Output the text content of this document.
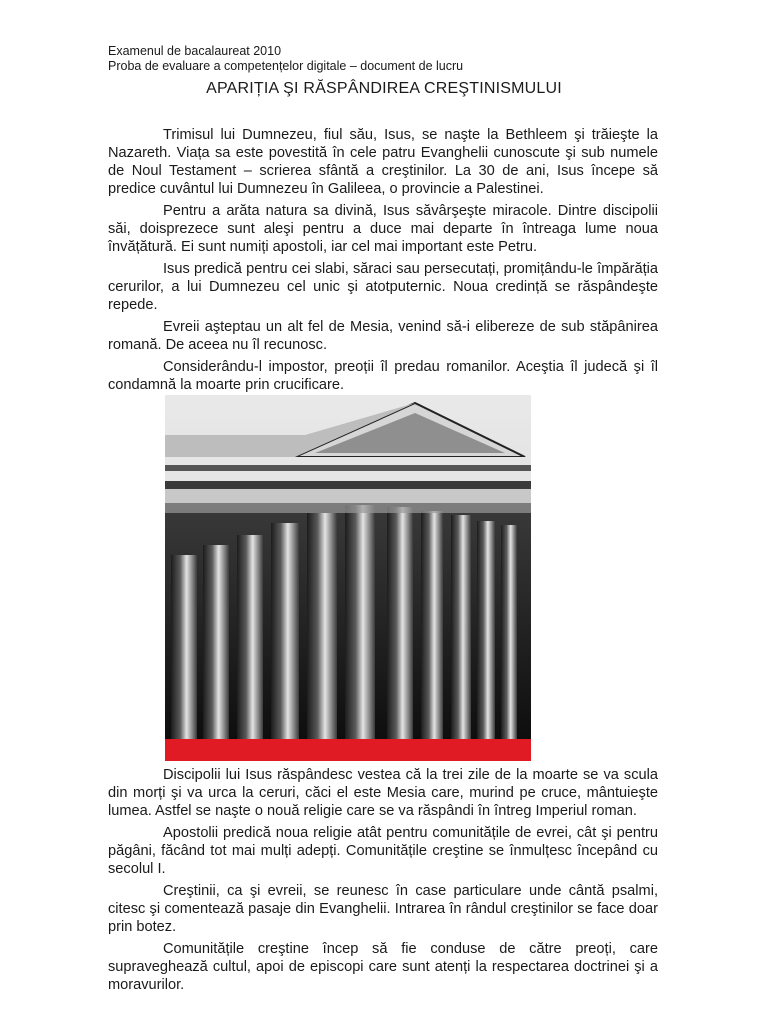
Examenul de bacalaureat 2010
Proba de evaluare a competențelor digitale – document de lucru
APARIȚIA ŞI RĂSPÂNDIREA CREŞTINISMULUI

Trimisul lui Dumnezeu, fiul său, Isus, se naşte la Bethleem şi trăieşte la Nazareth. Viața sa este povestită în cele patru Evanghelii cunoscute şi sub numele de Noul Testament – scrierea sfântă a creştinilor. La 30 de ani, Isus începe să predice cuvântul lui Dumnezeu în Galileea, o provincie a Palestinei.

Pentru a arăta natura sa divină, Isus săvârşeşte miracole. Dintre discipolii săi, doisprezece sunt aleşi pentru a duce mai departe în întreaga lume noua învățătură. Ei sunt numiți apostoli, iar cel mai important este Petru.

Isus predică pentru cei slabi, săraci sau persecutați, promițându-le împărăția cerurilor, a lui Dumnezeu cel unic şi atotputernic. Noua credință se răspândeşte repede.

Evreii aşteptau un alt fel de Mesia, venind să-i elibereze de sub stăpânirea romană. De aceea nu îl recunosc.

Considerându-l impostor, preoții îl predau romanilor. Aceştia îl judecă şi îl condamnă la moarte prin crucificare.

Discipolii lui Isus răspândesc vestea că la trei zile de la moarte se va scula din morți şi va urca la ceruri, căci el este Mesia care, murind pe cruce, mântuieşte lumea. Astfel se naşte o nouă religie care se va răspândi în întreg Imperiul roman.

Apostolii predică noua religie atât pentru comunitățile de evrei, cât şi pentru păgâni, făcând tot mai mulți adepți. Comunitățile creştine se înmulțesc începând cu secolul I.

Creştinii, ca şi evreii, se reunesc în case particulare unde cântă psalmi, citesc şi comentează pasaje din Evanghelii. Intrarea în rândul creştinilor se face doar prin botez.

Comunitățile creştine încep să fie conduse de către preoți, care supraveghează cultul, apoi de episcopi care sunt atenți la respectarea doctrinei şi a moravurilor.
